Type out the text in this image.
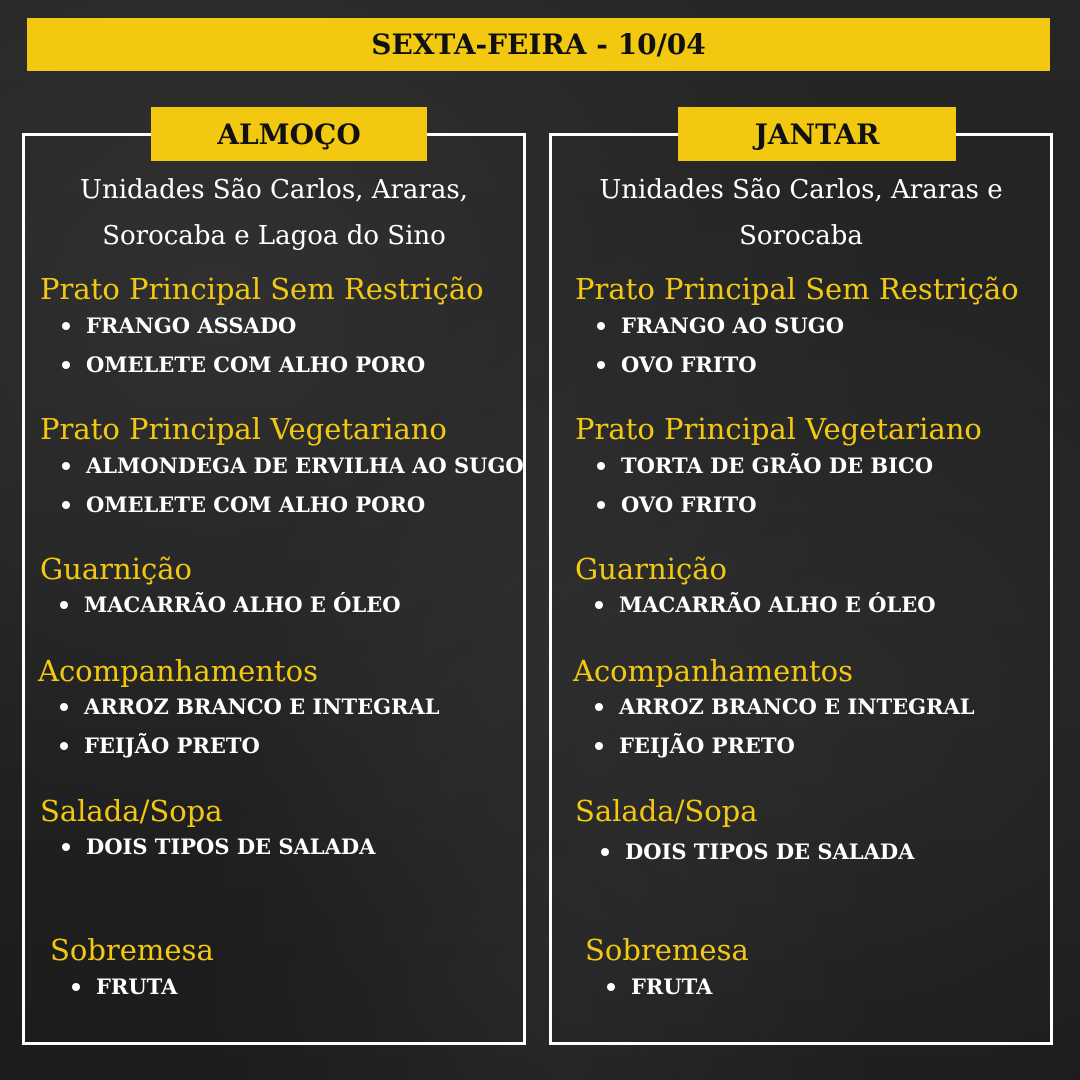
SEXTA-FEIRA - 10/04
ALMOÇO
Unidades São Carlos, Araras,
Sorocaba e Lagoa do Sino
Prato Principal Sem Restrição
FRANGO ASSADO
OMELETE COM ALHO PORO
Prato Principal Vegetariano
ALMONDEGA DE ERVILHA AO SUGO
OMELETE COM ALHO PORO
Guarnição
MACARRÃO ALHO E ÓLEO
Acompanhamentos
ARROZ BRANCO E INTEGRAL
FEIJÃO PRETO
Salada/Sopa
DOIS TIPOS DE SALADA
Sobremesa
FRUTA
JANTAR
Unidades São Carlos, Araras e
Sorocaba
Prato Principal Sem Restrição
FRANGO AO SUGO
OVO FRITO
Prato Principal Vegetariano
TORTA DE GRÃO DE BICO
OVO FRITO
Guarnição
MACARRÃO ALHO E ÓLEO
Acompanhamentos
ARROZ BRANCO E INTEGRAL
FEIJÃO PRETO
Salada/Sopa
DOIS TIPOS DE SALADA
Sobremesa
FRUTA
